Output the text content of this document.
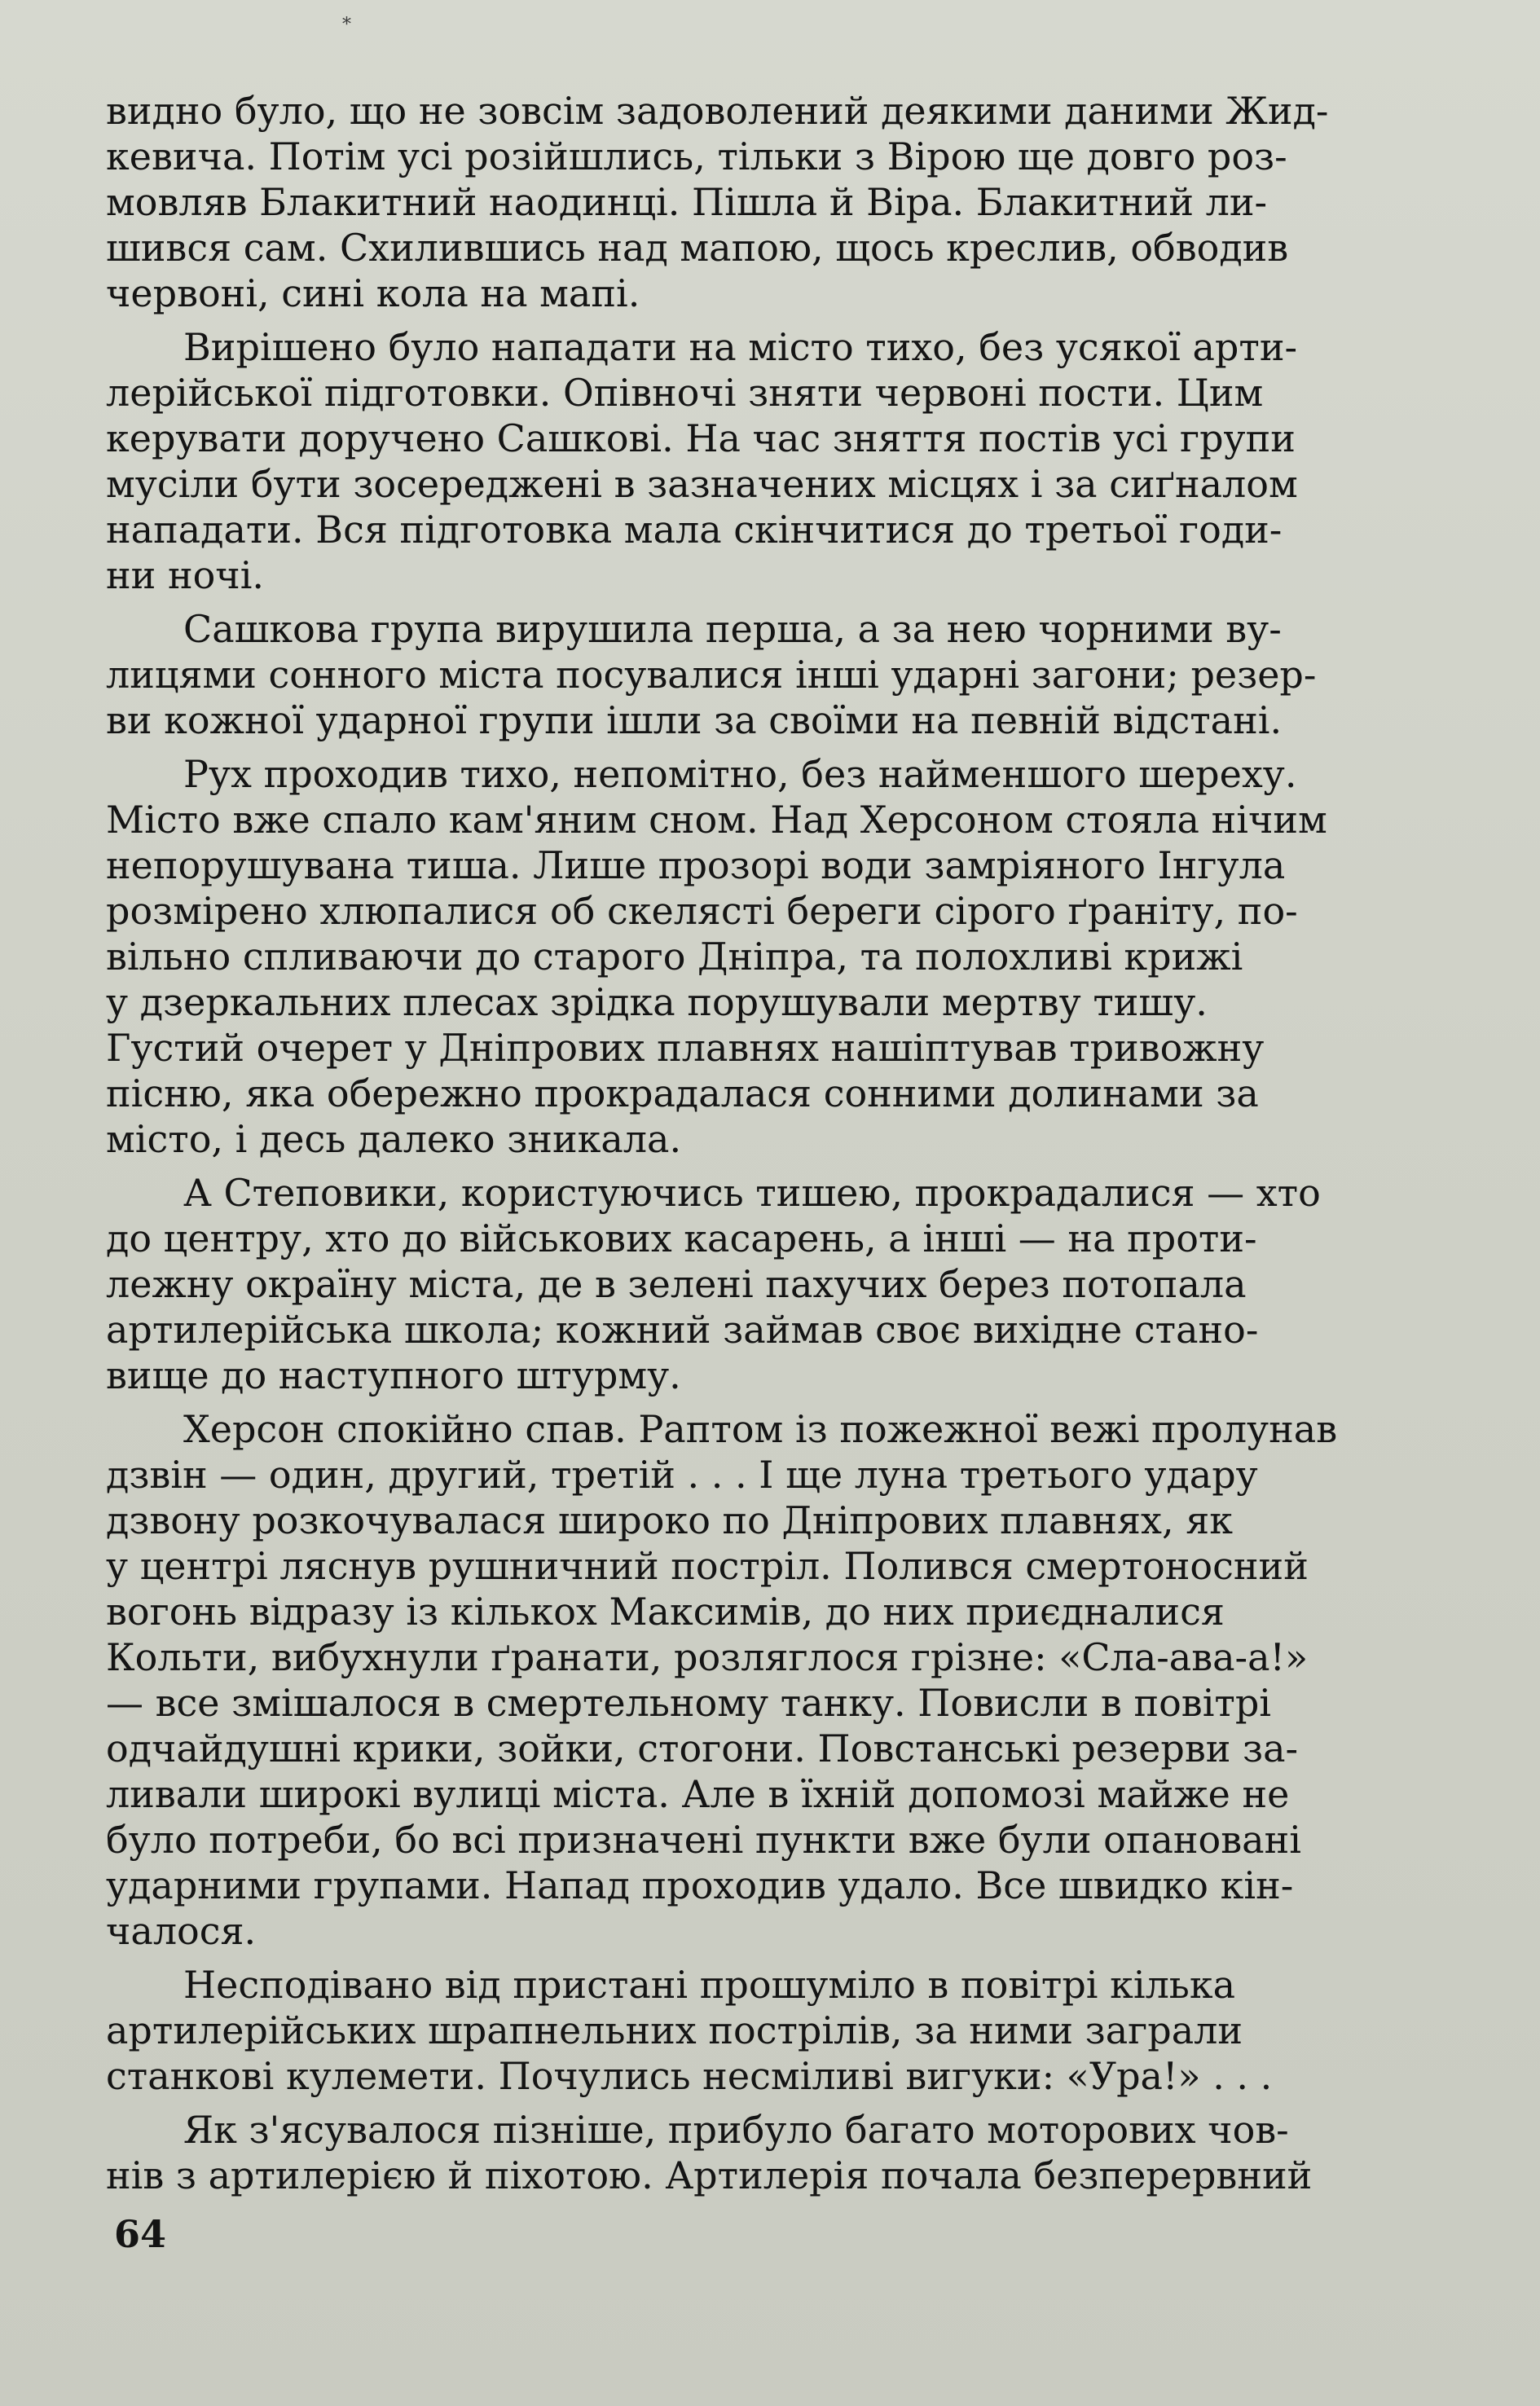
*

видно було, що не зовсім задоволений деякими даними Жид-
кевича. Потім усі розійшлись, тільки з Вірою ще довго роз-
мовляв Блакитний наодинці. Пішла й Віра. Блакитний ли-
шився сам. Схилившись над мапою, щось креслив, обводив
червоні, сині кола на мапі.

Вирішено було нападати на місто тихо, без усякої арти-
лерійської підготовки. Опівночі зняти червоні пости. Цим
керувати доручено Сашкові. На час зняття постів усі групи
мусіли бути зосереджені в зазначених місцях і за сиґналом
нападати. Вся підготовка мала скінчитися до третьої годи-
ни ночі.

Сашкова група вирушила перша, а за нею чорними ву-
лицями сонного міста посувалися інші ударні загони; резер-
ви кожної ударної групи ішли за своїми на певній відстані.

Рух проходив тихо, непомітно, без найменшого шереху.
Місто вже спало кам'яним сном. Над Херсоном стояла нічим
непорушувана тиша. Лише прозорі води замріяного Інгула
розмірено хлюпалися об скелясті береги сірого ґраніту, по-
вільно спливаючи до старого Дніпра, та полохливі крижі
у дзеркальних плесах зрідка порушували мертву тишу.
Густий очерет у Дніпрових плавнях нашіптував тривожну
пісню, яка обережно прокрадалася сонними долинами за
місто, і десь далеко зникала.

А Степовики, користуючись тишею, прокрадалися — хто
до центру, хто до військових касарень, а інші — на проти-
лежну окраїну міста, де в зелені пахучих берез потопала
артилерійська школа; кожний займав своє вихідне стано-
вище до наступного штурму.

Херсон спокійно спав. Раптом із пожежної вежі пролунав
дзвін — один, другий, третій . . . І ще луна третього удару
дзвону розкочувалася широко по Дніпрових плавнях, як
у центрі ляснув рушничний постріл. Полився смертоносний
вогонь відразу із кількох Максимів, до них приєдналися
Кольти, вибухнули ґранати, розляглося грізне: «Сла-ава-а!»
— все змішалося в смертельному танку. Повисли в повітрі
одчайдушні крики, зойки, стогони. Повстанські резерви за-
ливали широкі вулиці міста. Але в їхній допомозі майже не
було потреби, бо всі призначені пункти вже були опановані
ударними групами. Напад проходив удало. Все швидко кін-
чалося.

Несподівано від пристані прошуміло в повітрі кілька
артилерійських шрапнельних пострілів, за ними заграли
станкові кулемети. Почулись несміливі вигуки: «Ура!» . . .

Як з'ясувалося пізніше, прибуло багато моторових чов-
нів з артилерією й піхотою. Артилерія почала безперервний

64
